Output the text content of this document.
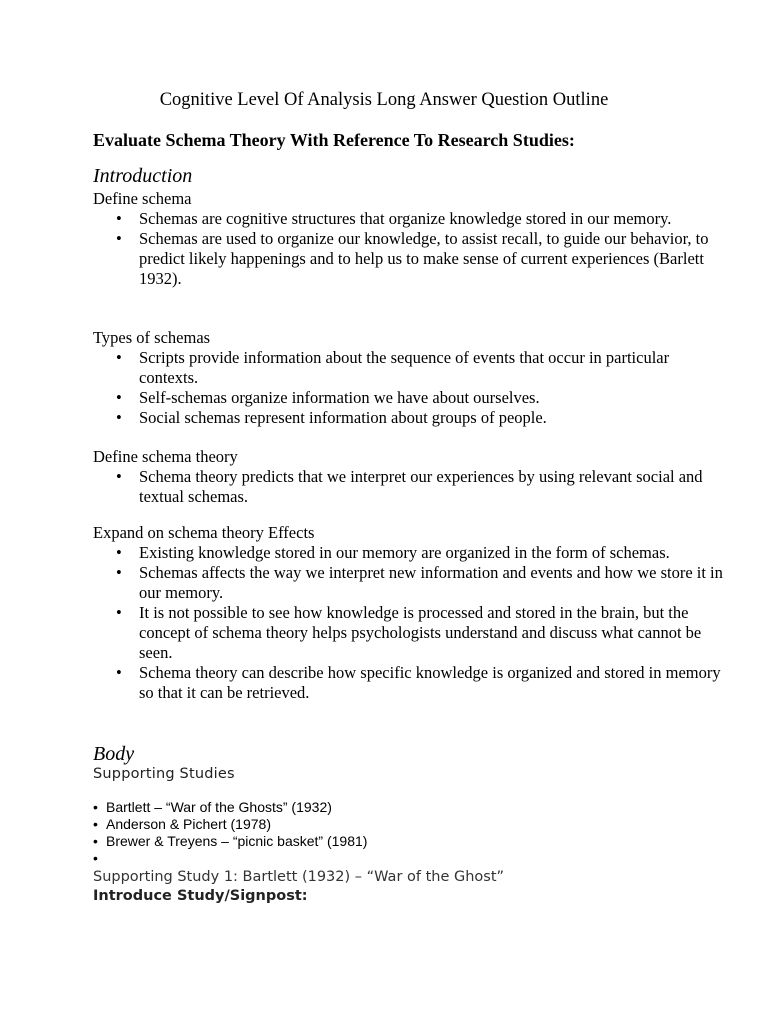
Cognitive Level Of Analysis Long Answer Question Outline
Evaluate Schema Theory With Reference To Research Studies:
Introduction

Define schema

• Schemas are cognitive structures that organize knowledge stored in our memory.
• Schemas are used to organize our knowledge, to assist recall, to guide our behavior, to predict likely happenings and to help us to make sense of current experiences (Barlett 1932).

Types of schemas

• Scripts provide information about the sequence of events that occur in particular contexts.
• Self-schemas organize information we have about ourselves.
• Social schemas represent information about groups of people.

Define schema theory

• Schema theory predicts that we interpret our experiences by using relevant social and textual schemas.

Expand on schema theory Effects

• Existing knowledge stored in our memory are organized in the form of schemas.
• Schemas affects the way we interpret new information and events and how we store it in our memory.
• It is not possible to see how knowledge is processed and stored in the brain, but the concept of schema theory helps psychologists understand and discuss what cannot be seen.
• Schema theory can describe how specific knowledge is organized and stored in memory so that it can be retrieved.
Body

Supporting Studies

• Bartlett – “War of the Ghosts” (1932)
• Anderson & Pichert (1978)
• Brewer & Treyens – “picnic basket” (1981)
•

Supporting Study 1: Bartlett (1932) – “War of the Ghost”

Introduce Study/Signpost:
